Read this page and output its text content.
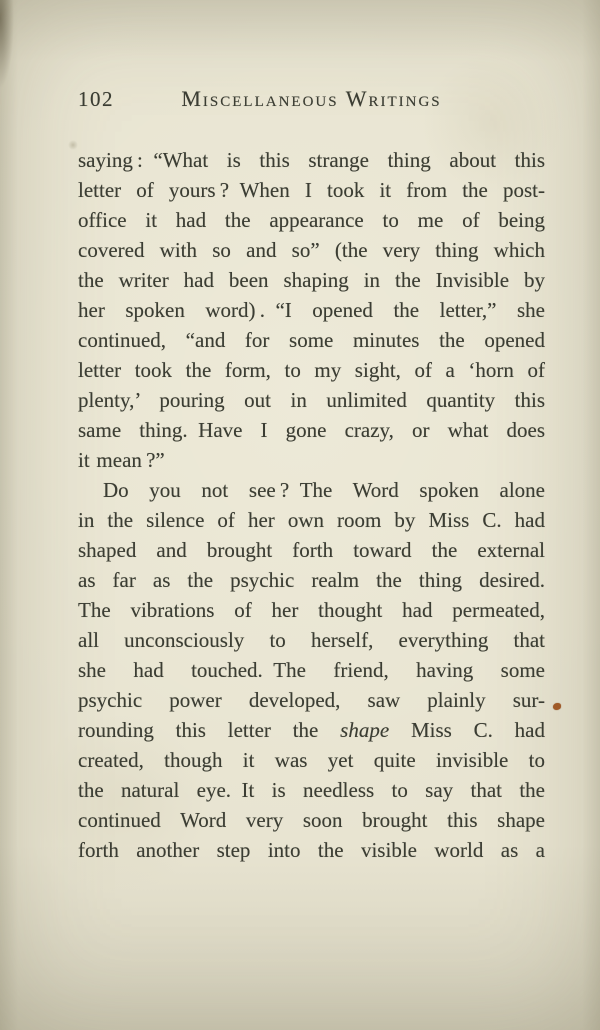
102	Miscellaneous Writings
saying : “What is this strange thing about this
letter of yours ? When I took it from the post-
office it had the appearance to me of being
covered with so and so” (the very thing which
the writer had been shaping in the Invisible by
her spoken word) . “I opened the letter,” she
continued, “and for some minutes the opened
letter took the form, to my sight, of a ‘horn of
plenty,’ pouring out in unlimited quantity this
same thing. Have I gone crazy, or what does
it mean ?”
Do you not see ? The Word spoken alone
in the silence of her own room by Miss C. had
shaped and brought forth toward the external
as far as the psychic realm the thing desired.
The vibrations of her thought had permeated,
all unconsciously to herself, everything that
she had touched. The friend, having some
psychic power developed, saw plainly sur-
rounding this letter the shape Miss C. had
created, though it was yet quite invisible to
the natural eye. It is needless to say that the
continued Word very soon brought this shape
forth another step into the visible world as a
